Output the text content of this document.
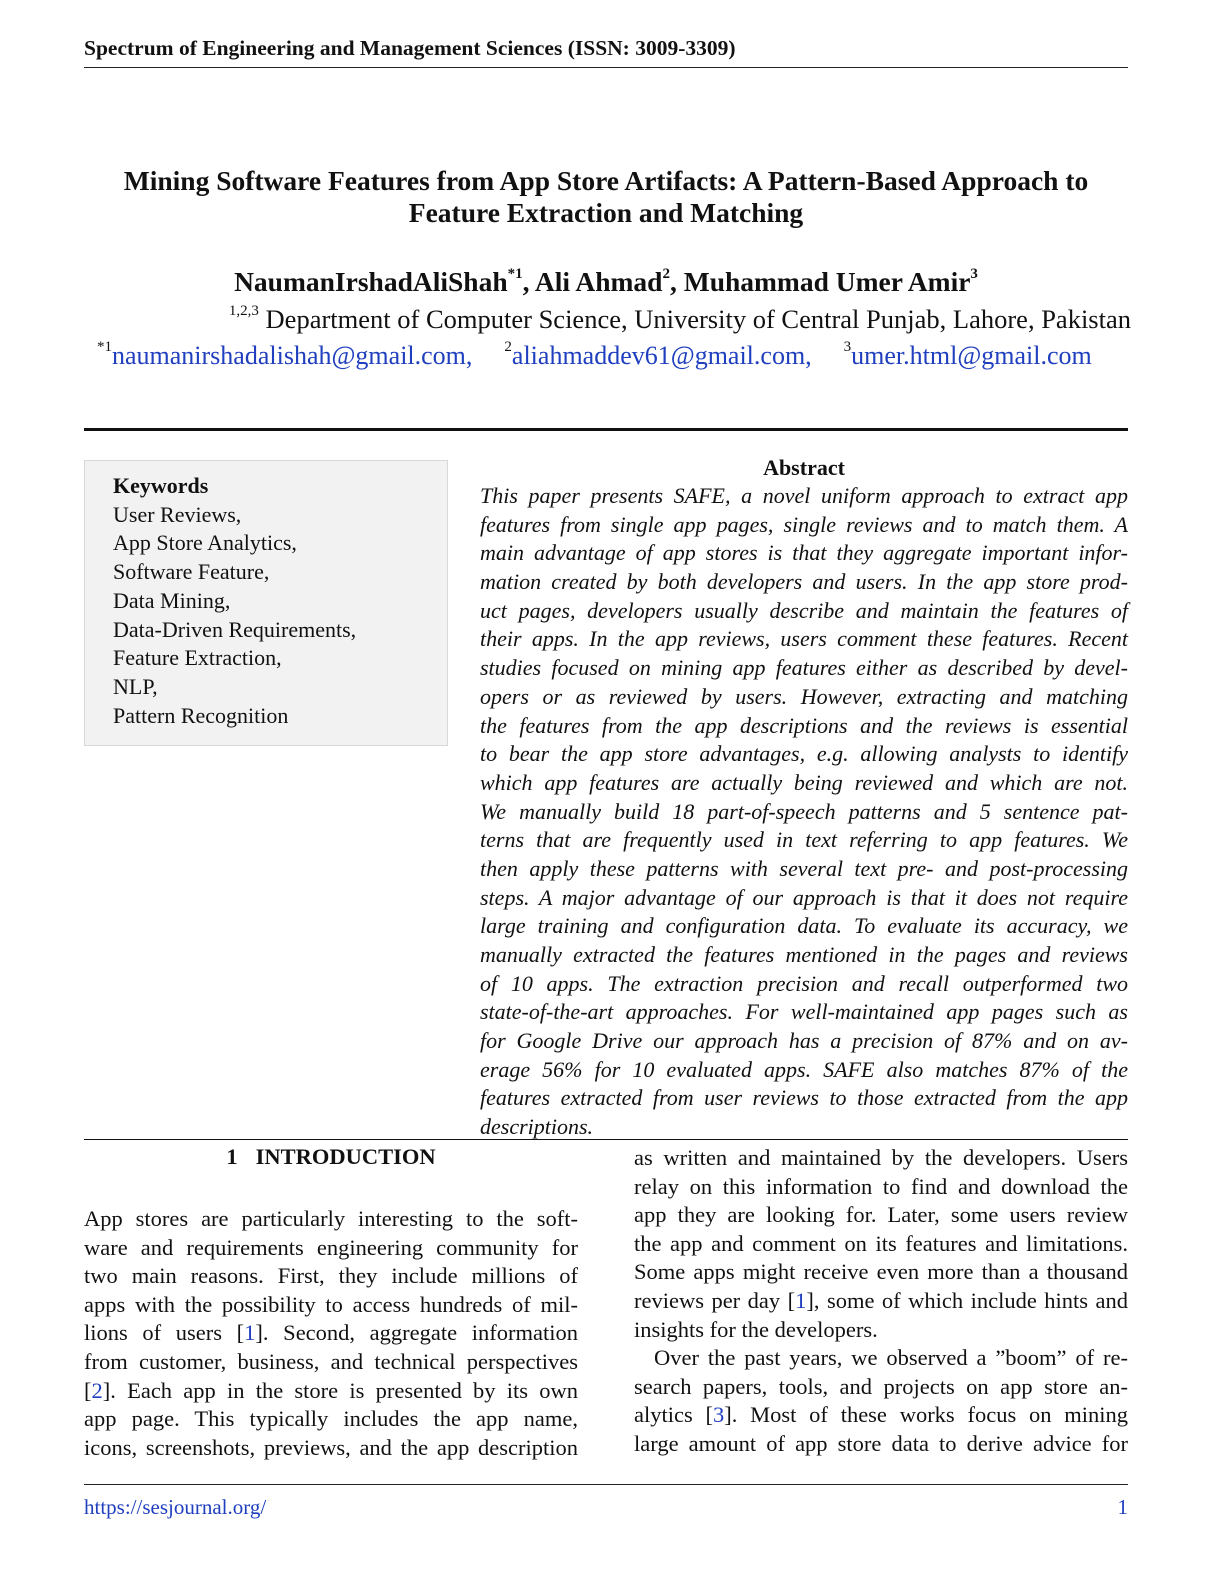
Spectrum of Engineering and Management Sciences (ISSN: 3009-3309)
Mining Software Features from App Store Artifacts: A Pattern-Based Approach to
Feature Extraction and Matching
NaumanIrshadAliShah$^{*1}$, Ali Ahmad$^2$, Muhammad Umer Amir$^3$
$^{1,2,3}$ Department of Computer Science, University of Central Punjab, Lahore, Pakistan
$^{*1}$naumanirshadalishah@gmail.com, $^2$aliahmaddev61@gmail.com, $^3$umer.html@gmail.com
Keywords
User Reviews,
App Store Analytics,
Software Feature,
Data Mining,
Data-Driven Requirements,
Feature Extraction,
NLP,
Pattern Recognition
Abstract
This paper presents SAFE, a novel uniform approach to extract app
features from single app pages, single reviews and to match them. A
main advantage of app stores is that they aggregate important infor-
mation created by both developers and users. In the app store prod-
uct pages, developers usually describe and maintain the features of
their apps. In the app reviews, users comment these features. Recent
studies focused on mining app features either as described by devel-
opers or as reviewed by users. However, extracting and matching
the features from the app descriptions and the reviews is essential
to bear the app store advantages, e.g. allowing analysts to identify
which app features are actually being reviewed and which are not.
We manually build 18 part-of-speech patterns and 5 sentence pat-
terns that are frequently used in text referring to app features. We
then apply these patterns with several text pre- and post-processing
steps. A major advantage of our approach is that it does not require
large training and configuration data. To evaluate its accuracy, we
manually extracted the features mentioned in the pages and reviews
of 10 apps. The extraction precision and recall outperformed two
state-of-the-art approaches. For well-maintained app pages such as
for Google Drive our approach has a precision of 87% and on av-
erage 56% for 10 evaluated apps. SAFE also matches 87% of the
features extracted from user reviews to those extracted from the app
descriptions.
1 INTRODUCTION
App stores are particularly interesting to the soft-
ware and requirements engineering community for
two main reasons. First, they include millions of
apps with the possibility to access hundreds of mil-
lions of users [1]. Second, aggregate information
from customer, business, and technical perspectives
[2]. Each app in the store is presented by its own
app page. This typically includes the app name,
icons, screenshots, previews, and the app description
as written and maintained by the developers. Users
relay on this information to find and download the
app they are looking for. Later, some users review
the app and comment on its features and limitations.
Some apps might receive even more than a thousand
reviews per day [1], some of which include hints and
insights for the developers.
Over the past years, we observed a ”boom” of re-
search papers, tools, and projects on app store an-
alytics [3]. Most of these works focus on mining
large amount of app store data to derive advice for
https://sesjournal.org/	1
